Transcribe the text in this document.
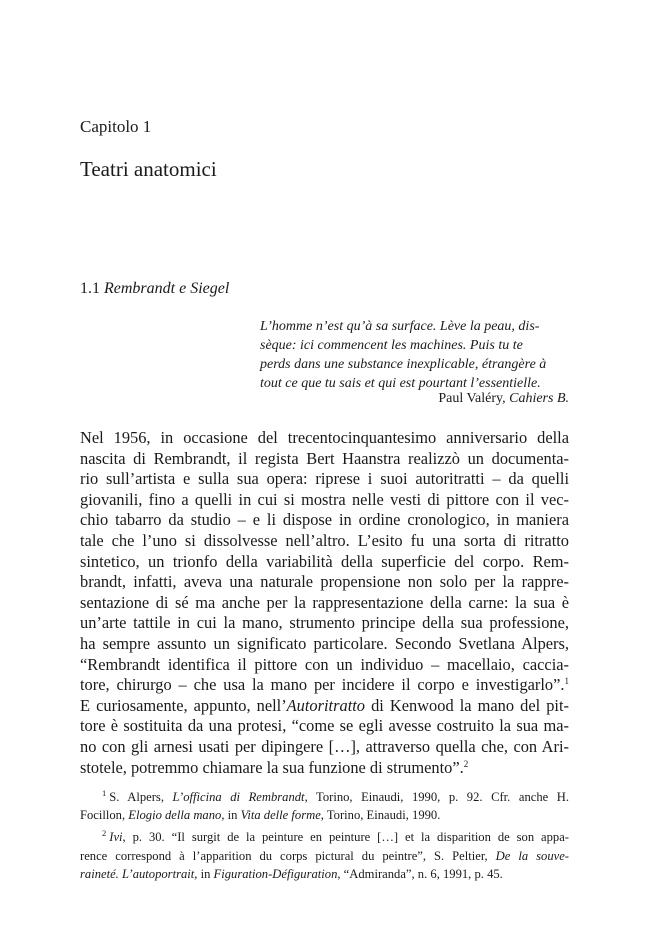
Capitolo 1
Teatri anatomici
1.1 Rembrandt e Siegel
L’homme n’est qu’à sa surface. Lève la peau, dis-
sèque: ici commencent les machines. Puis tu te
perds dans une substance inexplicable, étrangère à
tout ce que tu sais et qui est pourtant l’essentielle.
Paul Valéry, Cahiers B.
Nel 1956, in occasione del trecentocinquantesimo anniversario della
nascita di Rembrandt, il regista Bert Haanstra realizzò un documenta-
rio sull’artista e sulla sua opera: riprese i suoi autoritratti – da quelli
giovanili, fino a quelli in cui si mostra nelle vesti di pittore con il vec-
chio tabarro da studio – e li dispose in ordine cronologico, in maniera
tale che l’uno si dissolvesse nell’altro. L’esito fu una sorta di ritratto
sintetico, un trionfo della variabilità della superficie del corpo. Rem-
brandt, infatti, aveva una naturale propensione non solo per la rappre-
sentazione di sé ma anche per la rappresentazione della carne: la sua è
un’arte tattile in cui la mano, strumento principe della sua professione,
ha sempre assunto un significato particolare. Secondo Svetlana Alpers,
“Rembrandt identifica il pittore con un individuo – macellaio, caccia-
tore, chirurgo – che usa la mano per incidere il corpo e investigarlo”.$^1$
E curiosamente, appunto, nell’Autoritratto di Kenwood la mano del pit-
tore è sostituita da una protesi, “come se egli avesse costruito la sua ma-
no con gli arnesi usati per dipingere […], attraverso quella che, con Ari-
stotele, potremmo chiamare la sua funzione di strumento”.$^2$
$^1$ S. Alpers, L’officina di Rembrandt, Torino, Einaudi, 1990, p. 92. Cfr. anche H.
Focillon, Elogio della mano, in Vita delle forme, Torino, Einaudi, 1990.
$^2$ Ivi, p. 30. “Il surgit de la peinture en peinture […] et la disparition de son appa-
rence correspond à l’apparition du corps pictural du peintre”, S. Peltier, De la souve-
raineté. L’autoportrait, in Figuration-Défiguration, “Admiranda”, n. 6, 1991, p. 45.
